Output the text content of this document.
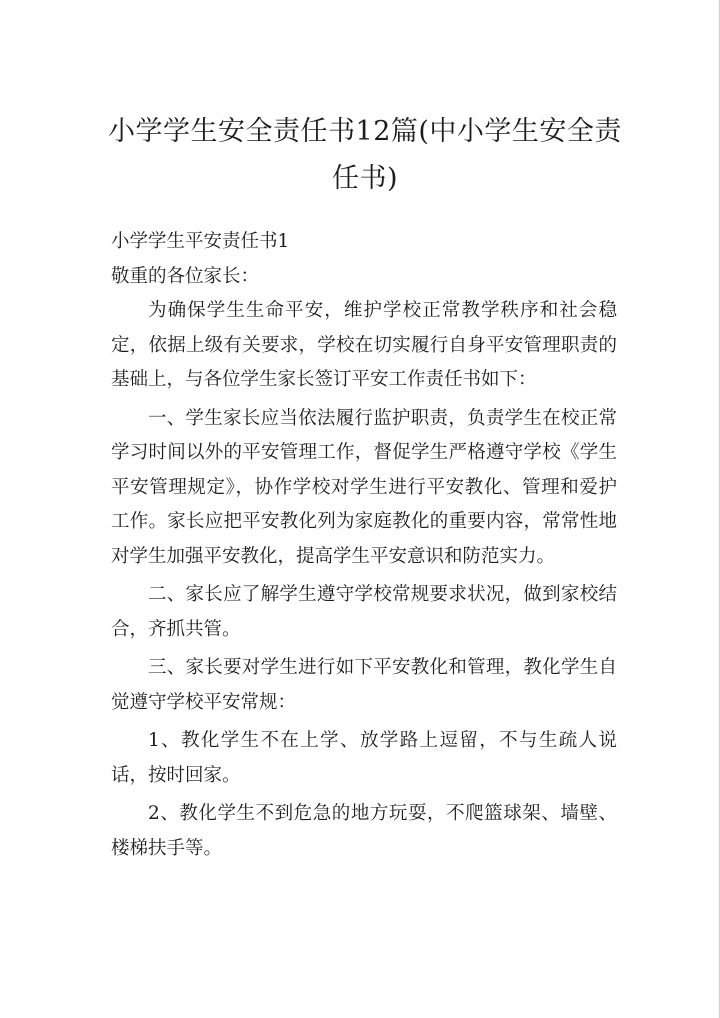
小学学生安全责任书12篇(中小学生安全责任书)

小学学生平安责任书1

敬重的各位家长：

为确保学生生命平安，维护学校正常教学秩序和社会稳定，依据上级有关要求，学校在切实履行自身平安管理职责的基础上，与各位学生家长签订平安工作责任书如下：

一、学生家长应当依法履行监护职责，负责学生在校正常学习时间以外的平安管理工作，督促学生严格遵守学校《学生平安管理规定》，协作学校对学生进行平安教化、管理和爱护工作。家长应把平安教化列为家庭教化的重要内容，常常性地对学生加强平安教化，提高学生平安意识和防范实力。

二、家长应了解学生遵守学校常规要求状况，做到家校结合，齐抓共管。

三、家长要对学生进行如下平安教化和管理，教化学生自觉遵守学校平安常规：

1、教化学生不在上学、放学路上逗留，不与生疏人说话，按时回家。

2、教化学生不到危急的地方玩耍，不爬篮球架、墙壁、楼梯扶手等。
